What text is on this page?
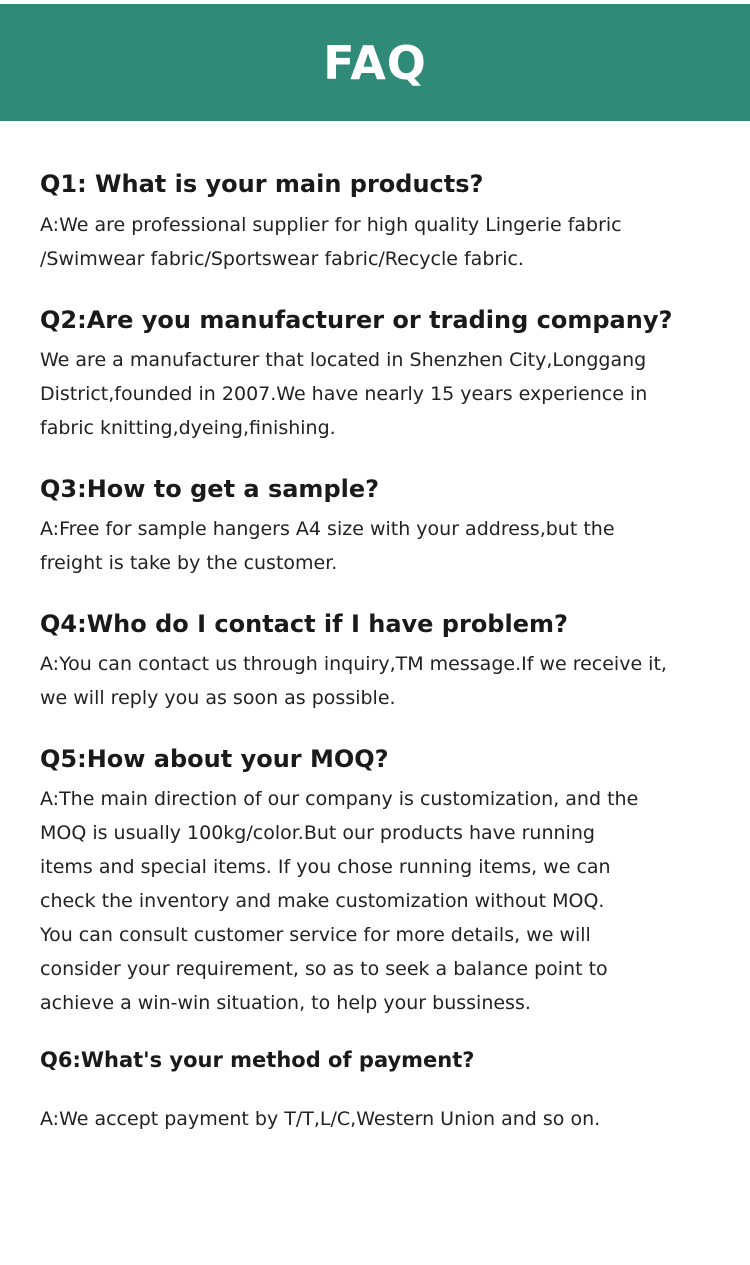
FAQ
Q1: What is your main products?

A:We are professional supplier for high quality Lingerie fabric
/Swimwear fabric/Sportswear fabric/Recycle fabric.

Q2:Are you manufacturer or trading company?

We are a manufacturer that located in Shenzhen City,Longgang
District,founded in 2007.We have nearly 15 years experience in
fabric knitting,dyeing,finishing.

Q3:How to get a sample?

A:Free for sample hangers A4 size with your address,but the
freight is take by the customer.

Q4:Who do I contact if I have problem?

A:You can contact us through inquiry,TM message.If we receive it,
we will reply you as soon as possible.

Q5:How about your MOQ?

A:The main direction of our company is customization, and the
MOQ is usually 100kg/color.But our products have running
items and special items. If you chose running items, we can
check the inventory and make customization without MOQ.
You can consult customer service for more details, we will
consider your requirement, so as to seek a balance point to
achieve a win-win situation, to help your bussiness.

Q6:What's your method of payment?

A:We accept payment by T/T,L/C,Western Union and so on.
